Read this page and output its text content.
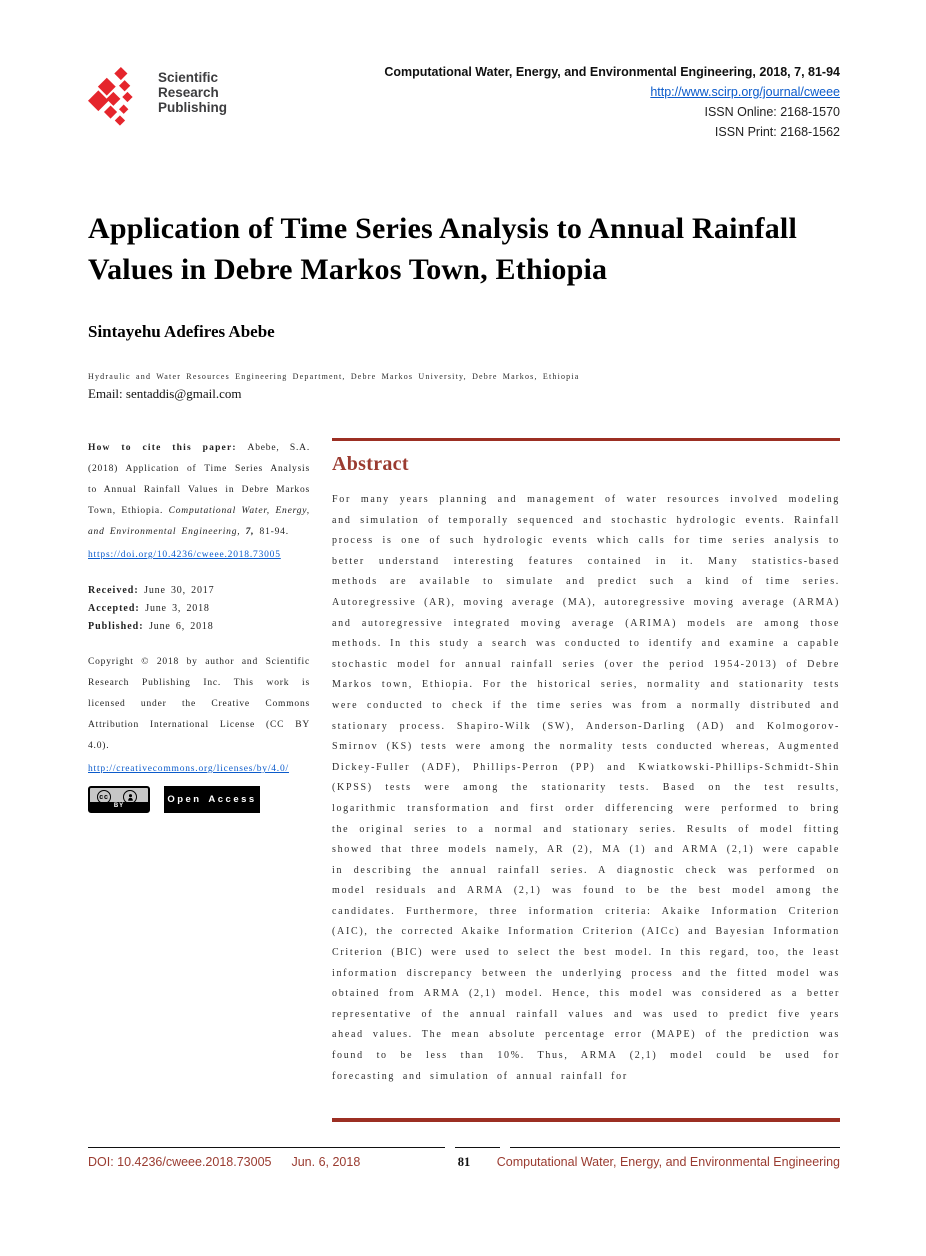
Scientific
Research
Publishing
Computational Water, Energy, and Environmental Engineering, 2018, 7, 81-94
http://www.scirp.org/journal/cweee
ISSN Online: 2168-1570
ISSN Print: 2168-1562
Application of Time Series Analysis to Annual Rainfall Values in Debre Markos Town, Ethiopia
Sintayehu Adefires Abebe
Hydraulic and Water Resources Engineering Department, Debre Markos University, Debre Markos, Ethiopia
Email: sentaddis@gmail.com

How to cite this paper: Abebe, S.A. (2018) Application of Time Series Analysis to Annual Rainfall Values in Debre Markos Town, Ethiopia. Computational Water, Energy, and Environmental Engineering, 7, 81-94.

https://doi.org/10.4236/cweee.2018.73005
Received: June 30, 2017
Accepted: June 3, 2018
Published: June 6, 2018

Copyright © 2018 by author and Scientific Research Publishing Inc. This work is licensed under the Creative Commons Attribution International License (CC BY 4.0).

http://creativecommons.org/licenses/by/4.0/
cc
BY
Open Access
Abstract

For many years planning and management of water resources involved modeling and simulation of temporally sequenced and stochastic hydrologic events. Rainfall process is one of such hydrologic events which calls for time series analysis to better understand interesting features contained in it. Many statistics-based methods are available to simulate and predict such a kind of time series. Autoregressive (AR), moving average (MA), autoregressive moving average (ARMA) and autoregressive integrated moving average (ARIMA) models are among those methods. In this study a search was conducted to identify and examine a capable stochastic model for annual rainfall series (over the period 1954-2013) of Debre Markos town, Ethiopia. For the historical series, normality and stationarity tests were conducted to check if the time series was from a normally distributed and stationary process. Shapiro-Wilk (SW), Anderson-Darling (AD) and Kolmogorov-Smirnov (KS) tests were among the normality tests conducted whereas, Augmented Dickey-Fuller (ADF), Phillips-Perron (PP) and Kwiatkowski-Phillips-Schmidt-Shin (KPSS) tests were among the stationarity tests. Based on the test results, logarithmic transformation and first order differencing were performed to bring the original series to a normal and stationary series. Results of model fitting showed that three models namely, AR (2), MA (1) and ARMA (2,1) were capable in describing the annual rainfall series. A diagnostic check was performed on model residuals and ARMA (2,1) was found to be the best model among the candidates. Furthermore, three information criteria: Akaike Information Criterion (AIC), the corrected Akaike Information Criterion (AICc) and Bayesian Information Criterion (BIC) were used to select the best model. In this regard, too, the least information discrepancy between the underlying process and the fitted model was obtained from ARMA (2,1) model. Hence, this model was considered as a better representative of the annual rainfall values and was used to predict five years ahead values. The mean absolute percentage error (MAPE) of the prediction was found to be less than 10%. Thus, ARMA (2,1) model could be used for forecasting and simulation of annual rainfall for

DOI: 10.4236/cweee.2018.73005 Jun. 6, 2018	81	Computational Water, Energy, and Environmental Engineering
